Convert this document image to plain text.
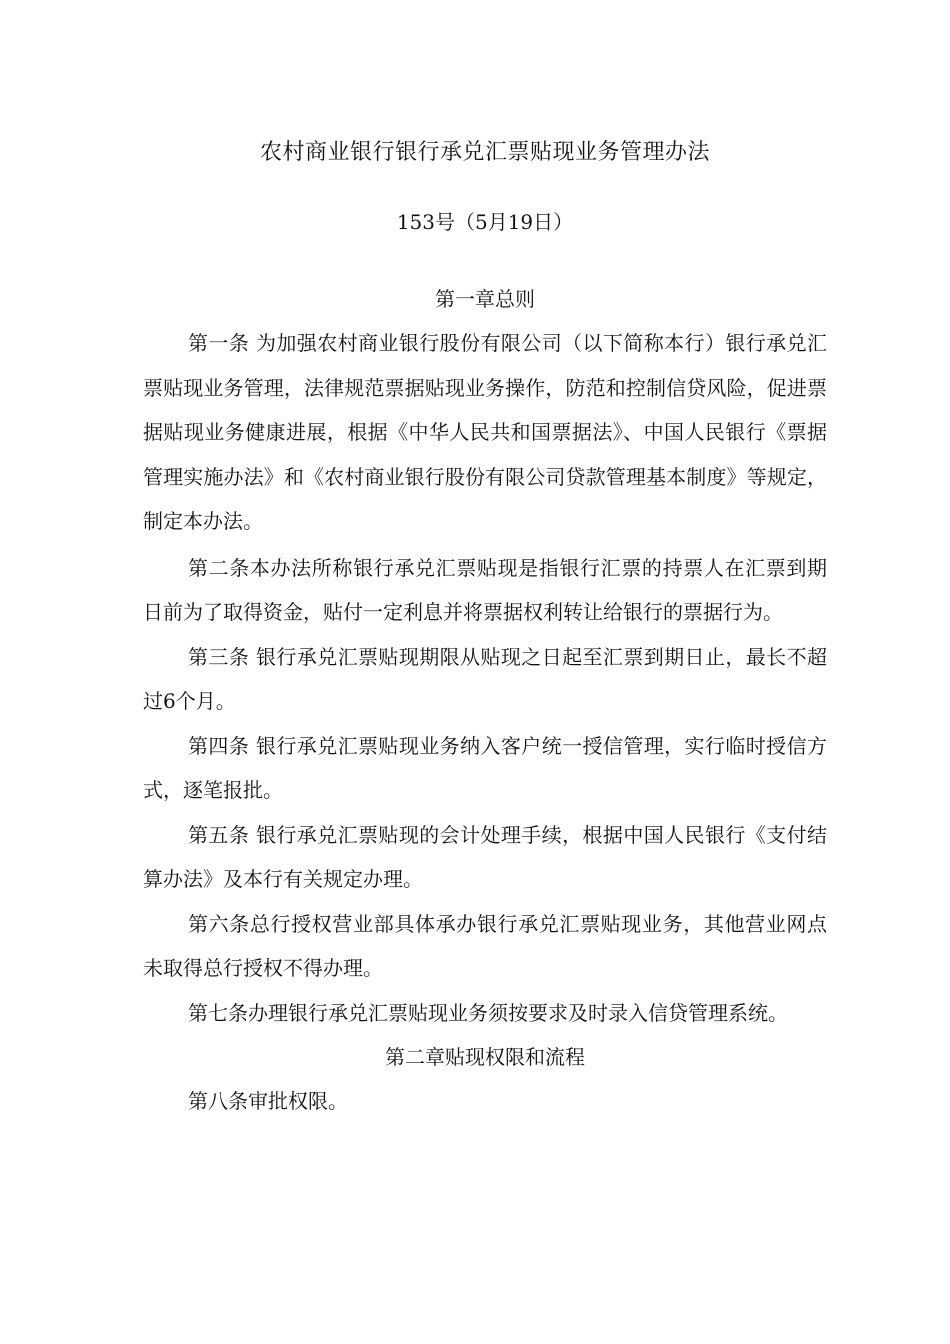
农村商业银行银行承兑汇票贴现业务管理办法
153号（5月19日）
第一章总则

第一条 为加强农村商业银行股份有限公司（以下简称本行）银行承兑汇票贴现业务管理，法律规范票据贴现业务操作，防范和控制信贷风险，促进票据贴现业务健康进展，根据《中华人民共和国票据法》、中国人民银行《票据管理实施办法》和《农村商业银行股份有限公司贷款管理基本制度》等规定，制定本办法。

第二条本办法所称银行承兑汇票贴现是指银行汇票的持票人在汇票到期日前为了取得资金，贴付一定利息并将票据权利转让给银行的票据行为。

第三条 银行承兑汇票贴现期限从贴现之日起至汇票到期日止，最长不超过6个月。

第四条 银行承兑汇票贴现业务纳入客户统一授信管理，实行临时授信方式，逐笔报批。

第五条 银行承兑汇票贴现的会计处理手续，根据中国人民银行《支付结算办法》及本行有关规定办理。

第六条总行授权营业部具体承办银行承兑汇票贴现业务，其他营业网点未取得总行授权不得办理。

第七条办理银行承兑汇票贴现业务须按要求及时录入信贷管理系统。

第二章贴现权限和流程

第八条审批权限。
